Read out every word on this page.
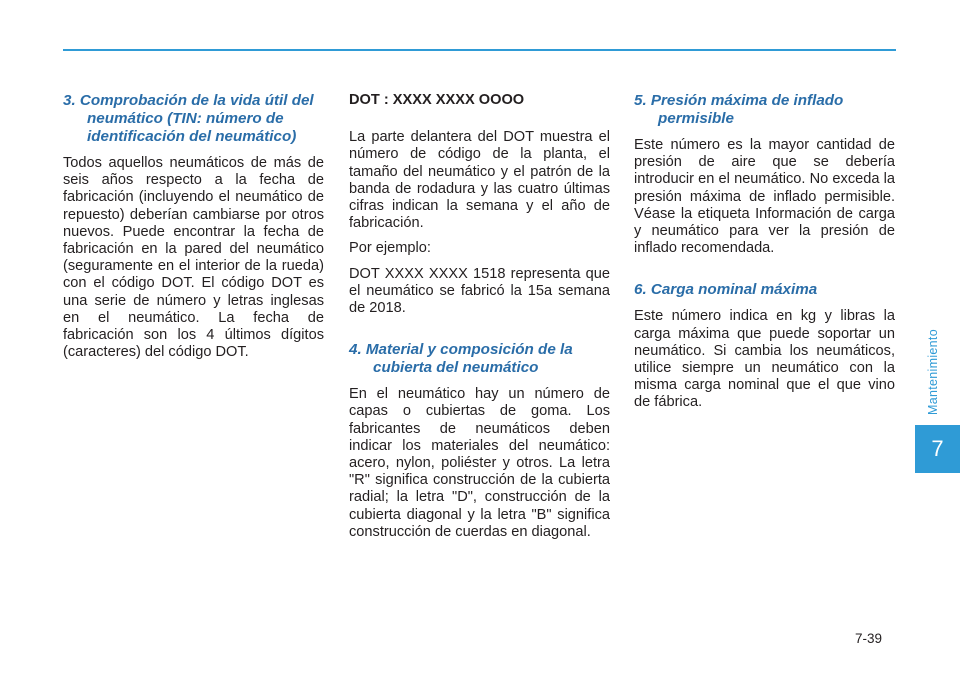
3. Comprobación de la vida útil del neumático (TIN: número de identificación del neumático)

Todos aquellos neumáticos de más de seis años respecto a la fecha de fabricación (incluyendo el neumático de repuesto) deberían cambiarse por otros nuevos. Puede encontrar la fecha de fabricación en la pared del neumático (seguramente en el interior de la rueda) con el código DOT. El código DOT es una serie de número y letras inglesas en el neumático. La fecha de fabricación son los 4 últimos dígitos (caracteres) del código DOT.

DOT : XXXX XXXX OOOO

La parte delantera del DOT muestra el número de código de la planta, el tamaño del neumático y el patrón de la banda de rodadura y las cuatro últimas cifras indican la semana y el año de fabricación.

Por ejemplo:

DOT XXXX XXXX 1518 representa que el neumático se fabricó la 15a semana de 2018.

4. Material y composición de la cubierta del neumático

En el neumático hay un número de capas o cubiertas de goma. Los fabricantes de neumáticos deben indicar los materiales del neumático: acero, nylon, poliéster y otros. La letra "R" significa construcción de la cubierta radial; la letra "D", construcción de la cubierta diagonal y la letra "B" significa construcción de cuerdas en diagonal.

5. Presión máxima de inflado permisible

Este número es la mayor cantidad de presión de aire que se debería introducir en el neumático. No exceda la presión máxima de inflado permisible. Véase la etiqueta Información de carga y neumático para ver la presión de inflado recomendada.

6. Carga nominal máxima

Este número indica en kg y libras la carga máxima que puede soportar un neumático. Si cambia los neumáticos, utilice siempre un neumático con la misma carga nominal que el que vino de fábrica.	Mantenimiento
7
7-39
